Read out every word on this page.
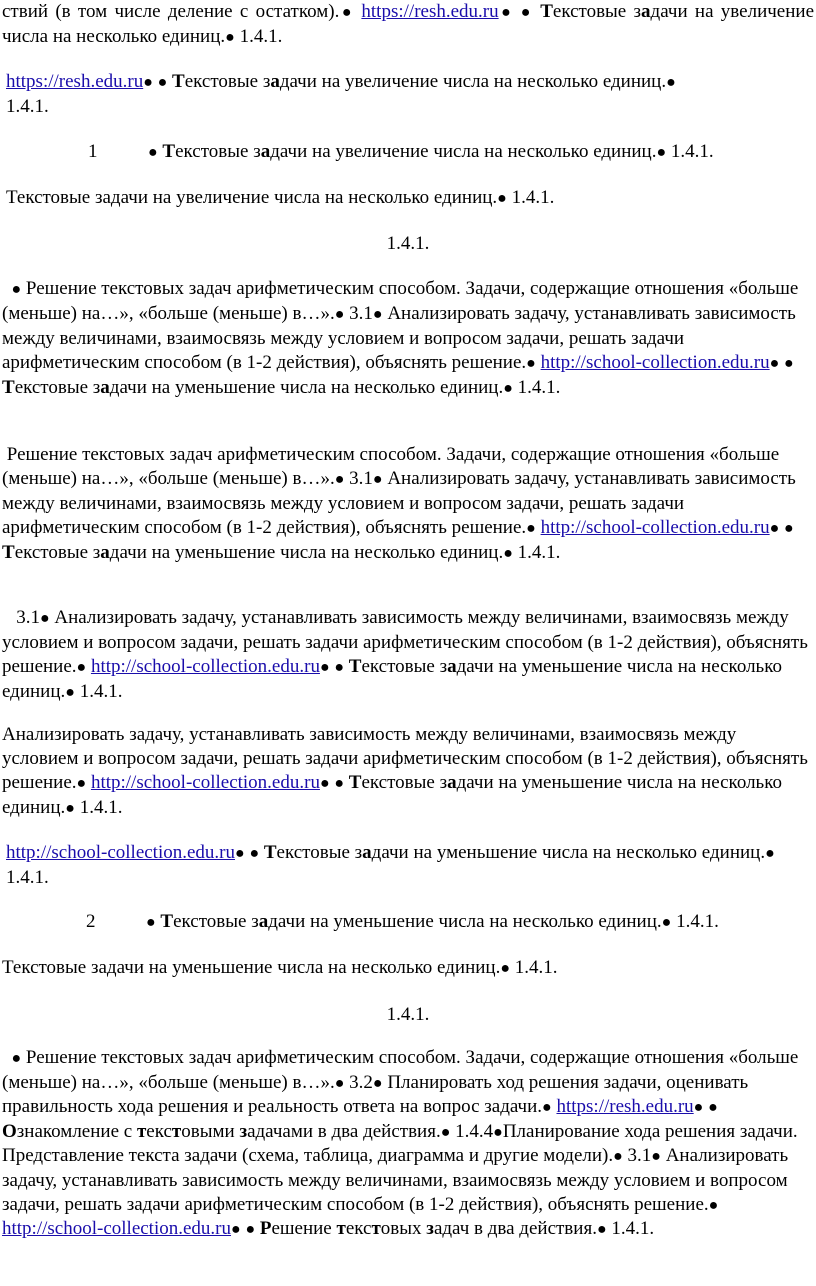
ствий (в том числе деление с остатком).● https://resh.edu.ru● ● Текстовые задачи на увеличение числа на несколько единиц.● 1.4.1.

https://resh.edu.ru● ● Текстовые задачи на увеличение числа на несколько единиц.● 1.4.1.

1	● Текстовые задачи на увеличение числа на несколько единиц.● 1.4.1.

Текстовые задачи на увеличение числа на несколько единиц.● 1.4.1.

1.4.1.

● Решение текстовых задач арифметическим способом. Задачи, содержащие отношения «больше (меньше) на…», «больше (меньше) в…».● 3.1● Анализировать задачу, устанавливать зависимость между величинами, взаимосвязь между условием и вопросом задачи, решать задачи арифметическим способом (в 1-2 действия), объяснять решение.● http://school-collection.edu.ru● ● Текстовые задачи на уменьшение числа на несколько единиц.● 1.4.1.

Решение текстовых задач арифметическим способом. Задачи, содержащие отношения «больше (меньше) на…», «больше (меньше) в…».● 3.1● Анализировать задачу, устанавливать зависимость между величинами, взаимосвязь между условием и вопросом задачи, решать задачи арифметическим способом (в 1-2 действия), объяснять решение.● http://school-collection.edu.ru● ● Текстовые задачи на уменьшение числа на несколько единиц.● 1.4.1.

3.1● Анализировать задачу, устанавливать зависимость между величинами, взаимосвязь между условием и вопросом задачи, решать задачи арифметическим способом (в 1-2 действия), объяснять решение.● http://school-collection.edu.ru● ● Текстовые задачи на уменьшение числа на несколько единиц.● 1.4.1.

Анализировать задачу, устанавливать зависимость между величинами, взаимосвязь между условием и вопросом задачи, решать задачи арифметическим способом (в 1-2 действия), объяснять решение.● http://school-collection.edu.ru● ● Текстовые задачи на уменьшение числа на несколько единиц.● 1.4.1.

http://school-collection.edu.ru● ● Текстовые задачи на уменьшение числа на несколько единиц.● 1.4.1.

2	● Текстовые задачи на уменьшение числа на несколько единиц.● 1.4.1.

Текстовые задачи на уменьшение числа на несколько единиц.● 1.4.1.

1.4.1.

● Решение текстовых задач арифметическим способом. Задачи, содержащие отношения «больше (меньше) на…», «больше (меньше) в…».● 3.2● Планировать ход решения задачи, оценивать правильность хода решения и реальность ответа на вопрос задачи.● https://resh.edu.ru● ● Ознакомление с текстовыми задачами в два действия.● 1.4.4●Планирование хода решения задачи. Представление текста задачи (схема, таблица, диаграмма и другие модели).● 3.1● Анализировать задачу, устанавливать зависимость между величинами, взаимосвязь между условием и вопросом задачи, решать задачи арифметическим способом (в 1-2 действия), объяснять решение.● http://school-collection.edu.ru● ● Решение текстовых задач в два действия.● 1.4.1.
